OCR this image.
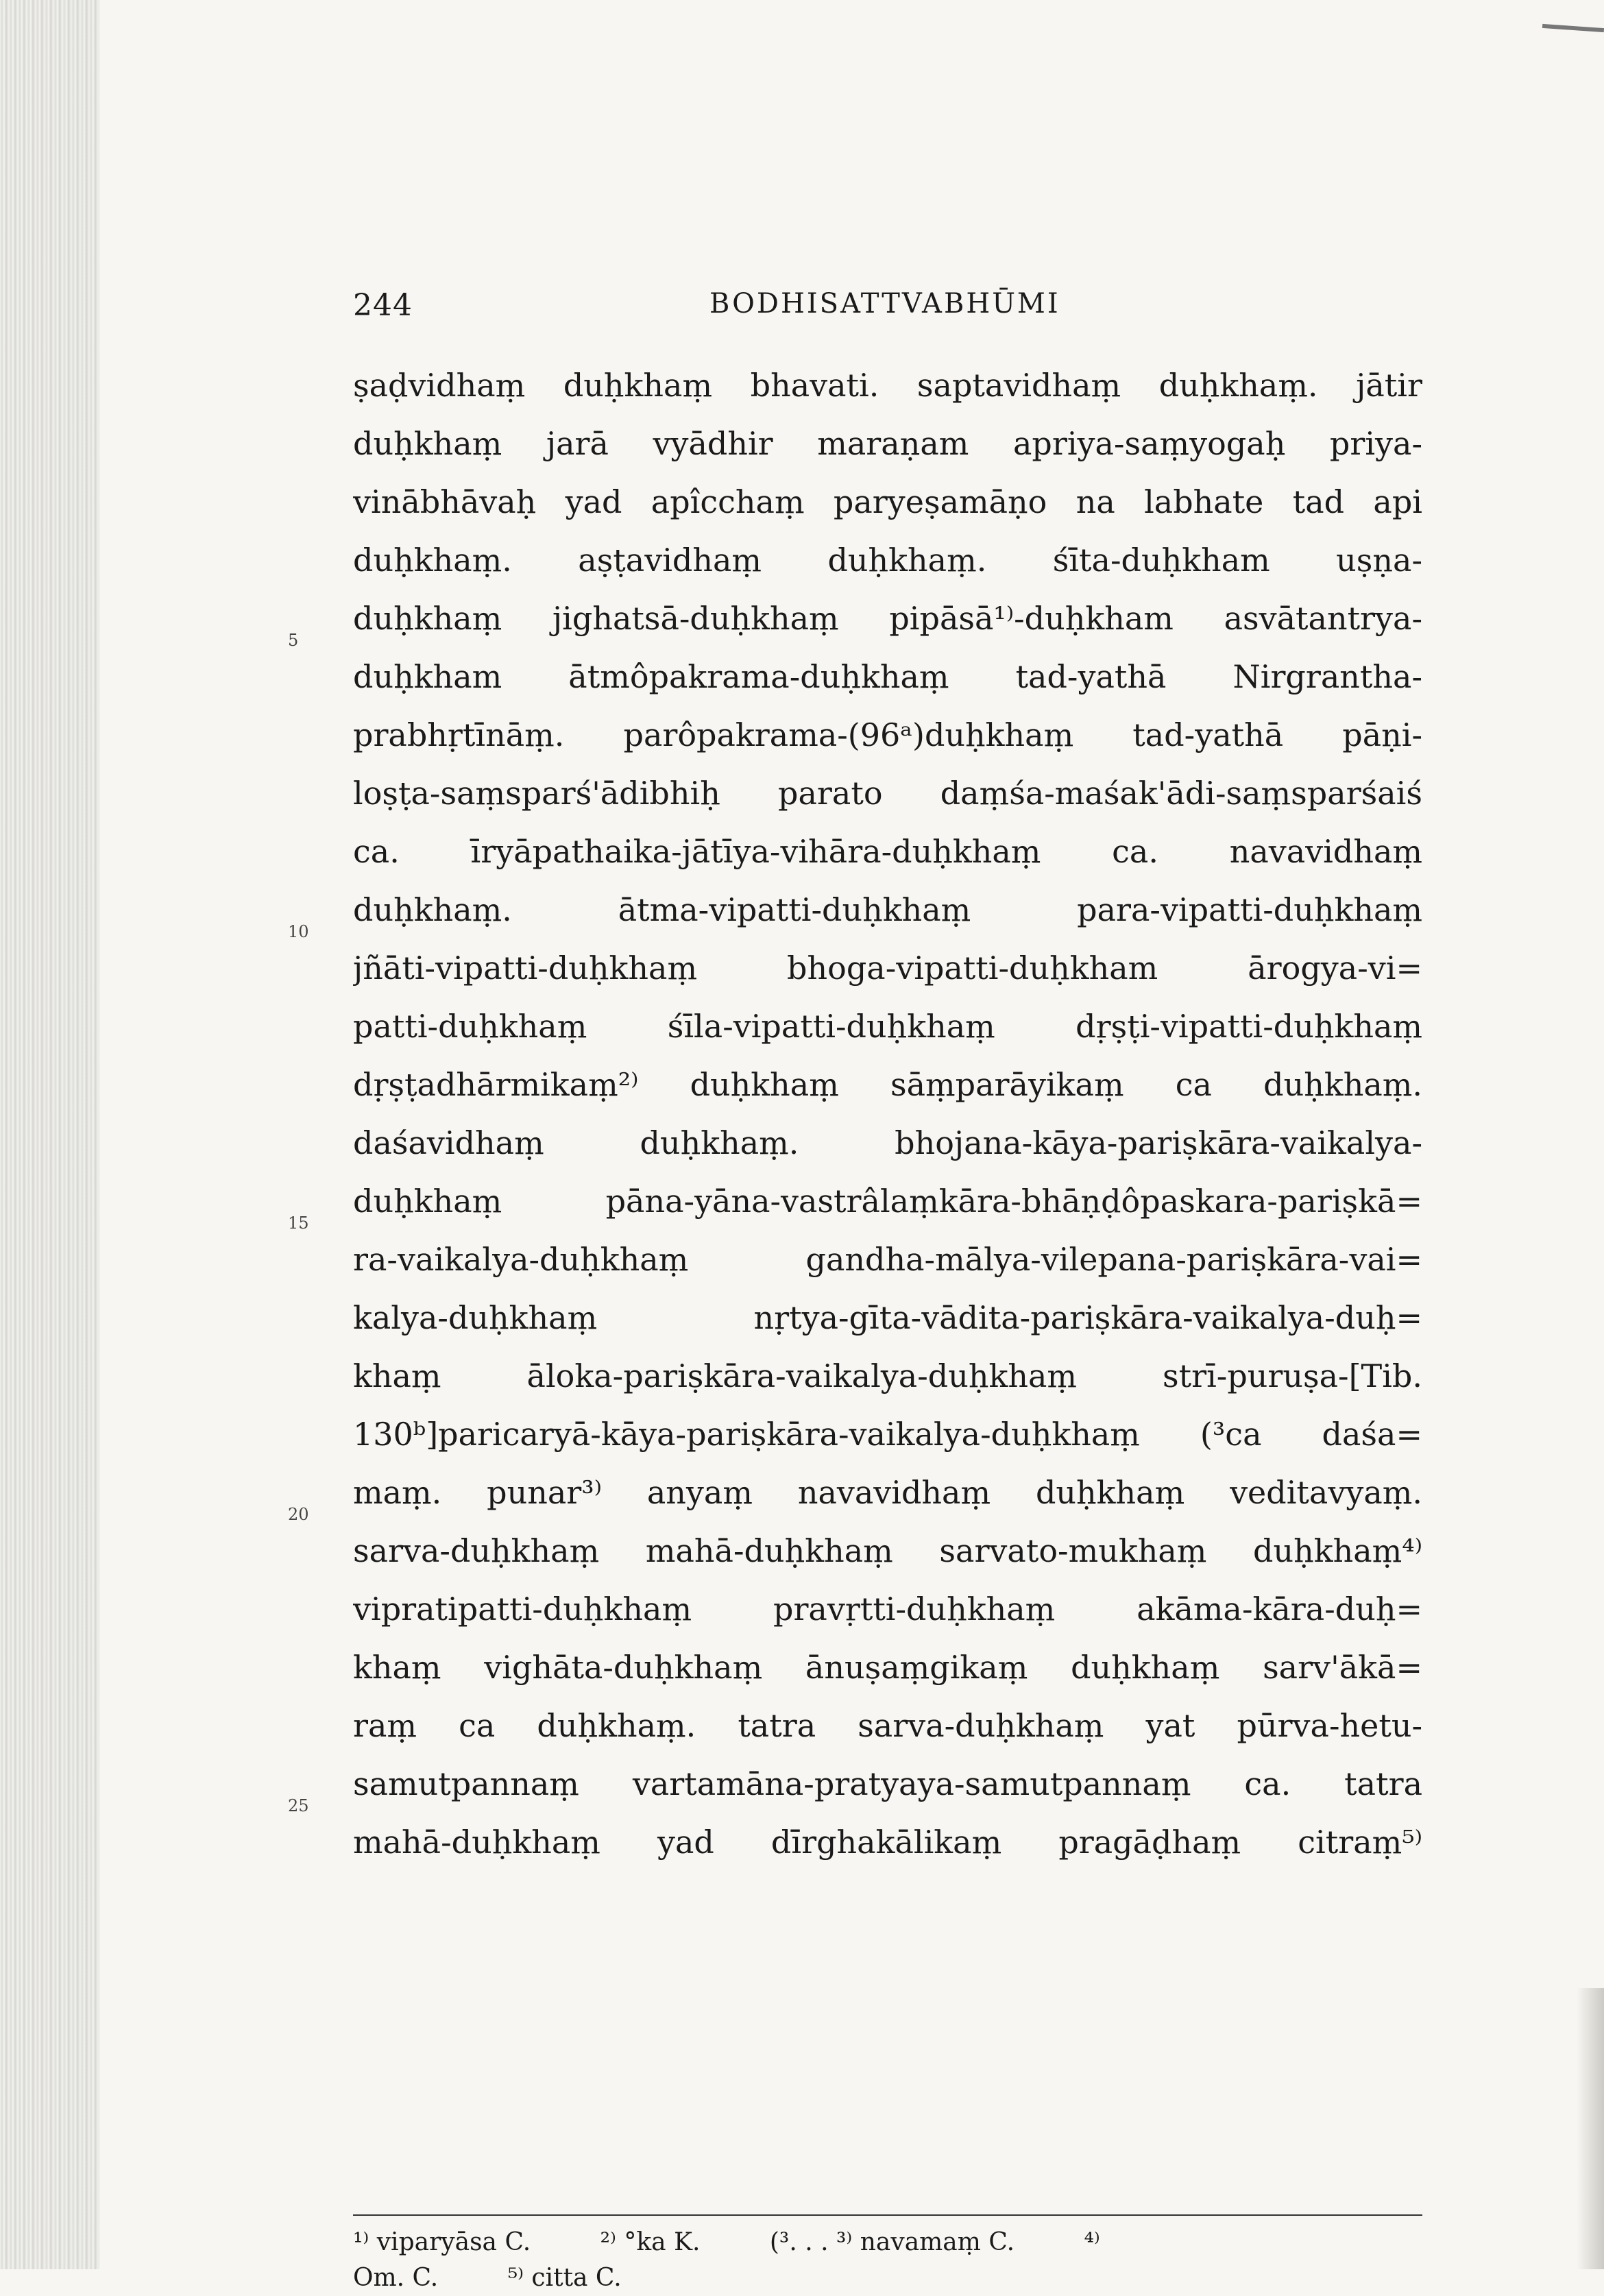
244	BODHISATTVABHŪMI
5
10
15
20
25
ṣaḍvidhaṃ duḥkhaṃ bhavati. saptavidhaṃ duḥkhaṃ. jātir
duḥkhaṃ jarā vyādhir maraṇam apriya-saṃyogaḥ priya-
vinābhāvaḥ yad apîcchaṃ paryeṣamāṇo na labhate tad api
duḥkhaṃ. aṣṭavidhaṃ duḥkhaṃ. śīta-duḥkham uṣṇa-
duḥkhaṃ jighatsā-duḥkhaṃ pipāsā¹⁾-duḥkham asvātantrya-
duḥkham ātmôpakrama-duḥkhaṃ tad-yathā Nirgrantha-
prabhṛtīnāṃ. parôpakrama-(96ᵃ)duḥkhaṃ tad-yathā pāṇi-
loṣṭa-saṃsparś'ādibhiḥ parato daṃśa-maśak'ādi-saṃsparśaiś
ca. īryāpathaika-jātīya-vihāra-duḥkhaṃ ca. navavidhaṃ
duḥkhaṃ. ātma-vipatti-duḥkhaṃ para-vipatti-duḥkhaṃ
jñāti-vipatti-duḥkhaṃ bhoga-vipatti-duḥkham ārogya-vi=
patti-duḥkhaṃ śīla-vipatti-duḥkhaṃ dṛṣṭi-vipatti-duḥkhaṃ
dṛṣṭadhārmikaṃ²⁾ duḥkhaṃ sāṃparāyikaṃ ca duḥkhaṃ.
daśavidhaṃ duḥkhaṃ. bhojana-kāya-pariṣkāra-vaikalya-
duḥkhaṃ pāna-yāna-vastrâlaṃkāra-bhāṇḍôpaskara-pariṣkā=
ra-vaikalya-duḥkhaṃ gandha-mālya-vilepana-pariṣkāra-vai=
kalya-duḥkhaṃ nṛtya-gīta-vādita-pariṣkāra-vaikalya-duḥ=
khaṃ āloka-pariṣkāra-vaikalya-duḥkhaṃ strī-puruṣa-[Tib.
130ᵇ]paricaryā-kāya-pariṣkāra-vaikalya-duḥkhaṃ (³ca daśa=
maṃ. punar³⁾ anyaṃ navavidhaṃ duḥkhaṃ veditavyaṃ.
sarva-duḥkhaṃ mahā-duḥkhaṃ sarvato-mukhaṃ duḥkhaṃ⁴⁾
vipratipatti-duḥkhaṃ pravṛtti-duḥkhaṃ akāma-kāra-duḥ=
khaṃ vighāta-duḥkhaṃ ānuṣaṃgikaṃ duḥkhaṃ sarv'ākā=
raṃ ca duḥkhaṃ. tatra sarva-duḥkhaṃ yat pūrva-hetu-
samutpannaṃ vartamāna-pratyaya-samutpannaṃ ca. tatra
mahā-duḥkhaṃ yad dīrghakālikaṃ pragāḍhaṃ citraṃ⁵⁾
¹⁾ viparyāsa C.	²⁾ °ka K.	(³. . . ³⁾ navamaṃ C.	⁴⁾
Om. C.	⁵⁾ citta C.
